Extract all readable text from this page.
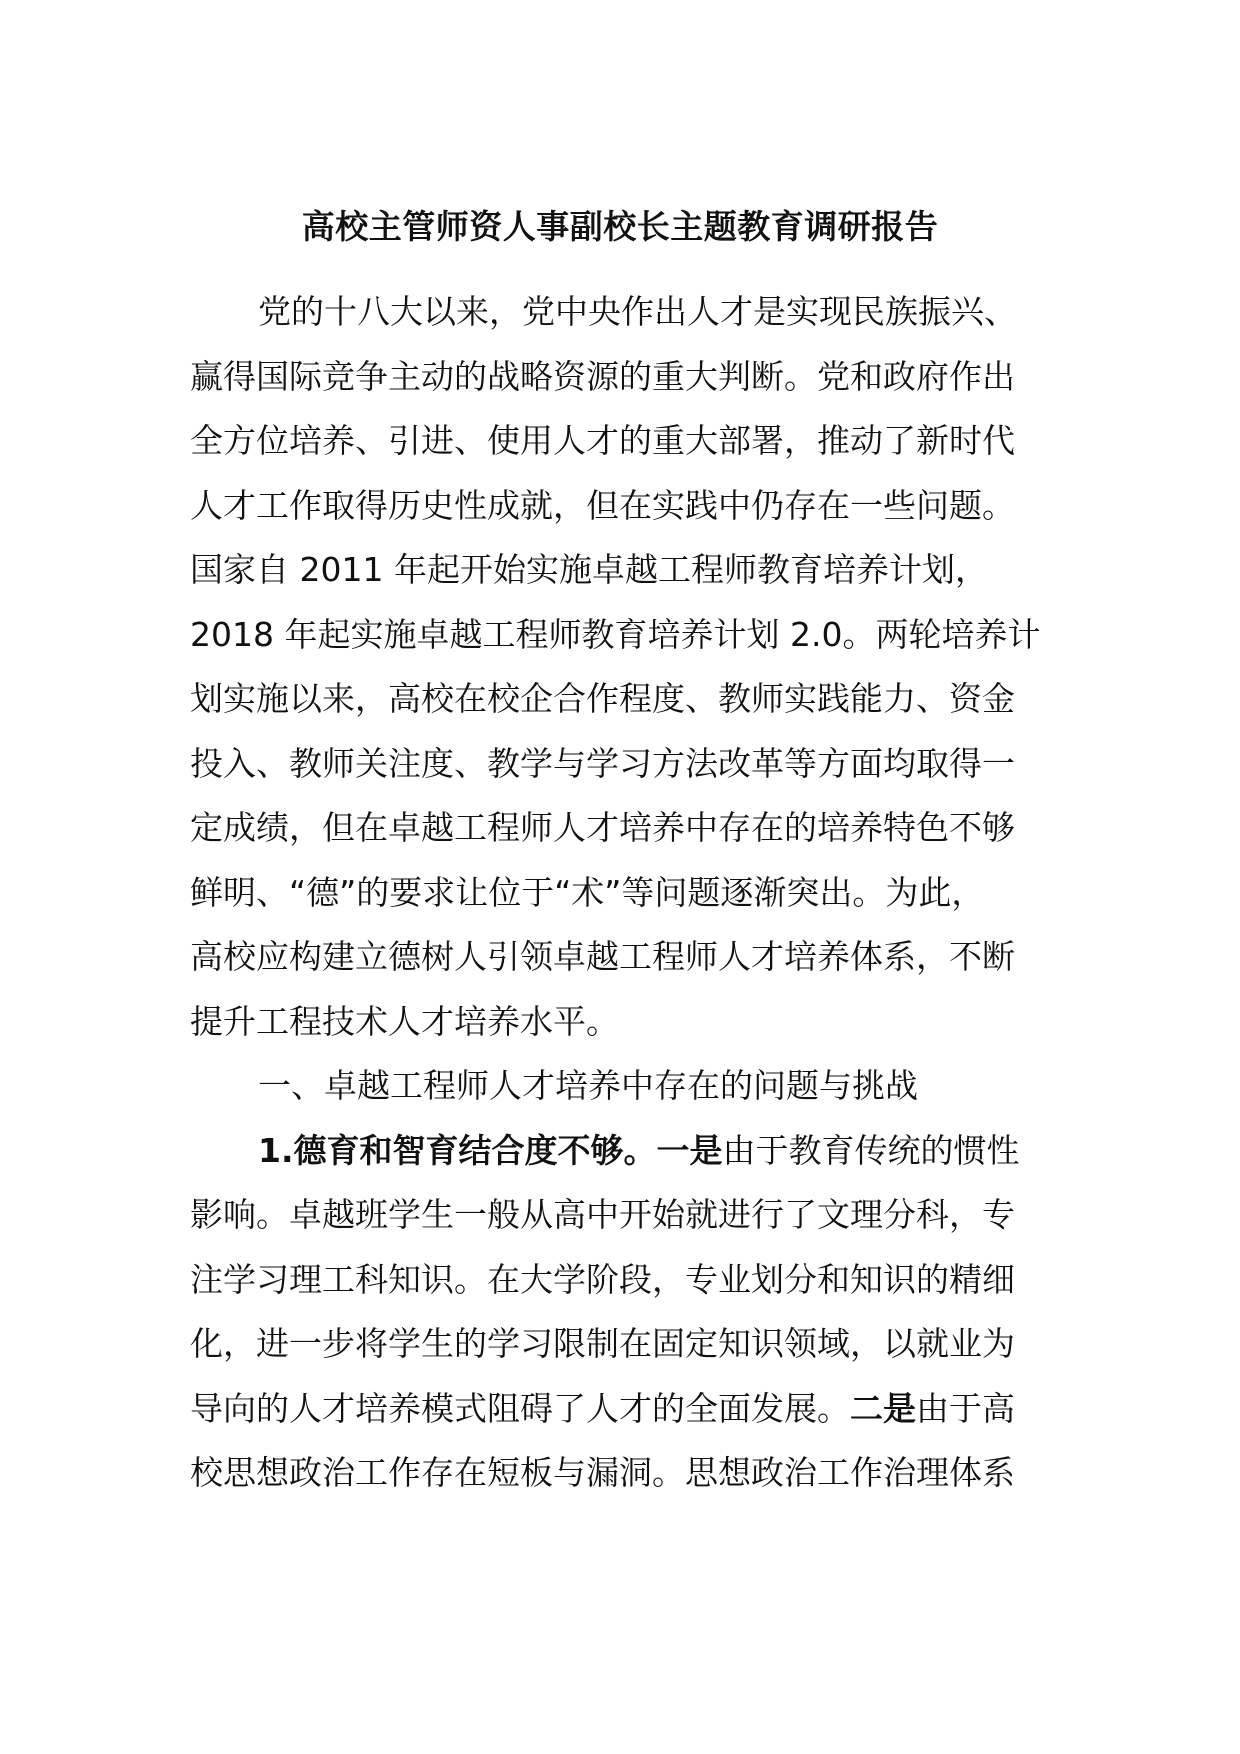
高校主管师资人事副校长主题教育调研报告

党的十八大以来，党中央作出人才是实现民族振兴、
赢得国际竞争主动的战略资源的重大判断。党和政府作出
全方位培养、引进、使用人才的重大部署，推动了新时代
人才工作取得历史性成就，但在实践中仍存在一些问题。
国家自 2011 年起开始实施卓越工程师教育培养计划，
2018 年起实施卓越工程师教育培养计划 2.0。两轮培养计
划实施以来，高校在校企合作程度、教师实践能力、资金
投入、教师关注度、教学与学习方法改革等方面均取得一
定成绩，但在卓越工程师人才培养中存在的培养特色不够
鲜明、“德”的要求让位于“术”等问题逐渐突出。为此，
高校应构建立德树人引领卓越工程师人才培养体系，不断
提升工程技术人才培养水平。

一、卓越工程师人才培养中存在的问题与挑战

1.德育和智育结合度不够。一是由于教育传统的惯性
影响。卓越班学生一般从高中开始就进行了文理分科，专
注学习理工科知识。在大学阶段，专业划分和知识的精细
化，进一步将学生的学习限制在固定知识领域，以就业为
导向的人才培养模式阻碍了人才的全面发展。二是由于高
校思想政治工作存在短板与漏洞。思想政治工作治理体系
